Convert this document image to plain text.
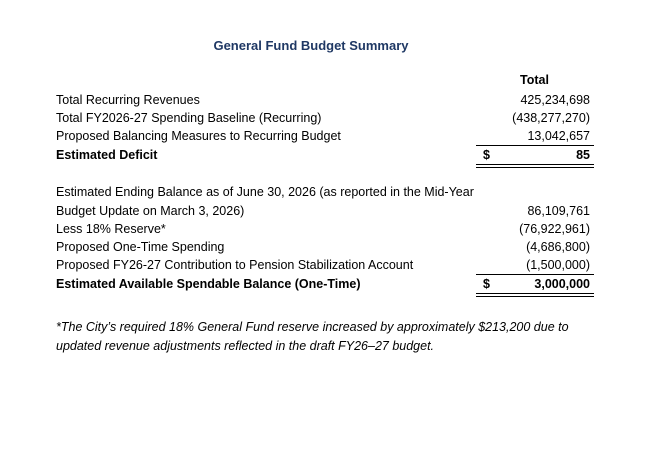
General Fund Budget Summary
Total
Total Recurring Revenues	425,234,698
Total FY2026-27 Spending Baseline (Recurring)	(438,277,270)
Proposed Balancing Measures to Recurring Budget	13,042,657
Estimated Deficit	$	85
Estimated Ending Balance as of June 30, 2026 (as reported in the Mid-Year
Budget Update on March 3, 2026)	86,109,761
Less 18% Reserve*	(76,922,961)
Proposed One-Time Spending	(4,686,800)
Proposed FY26-27 Contribution to Pension Stabilization Account	(1,500,000)
Estimated Available Spendable Balance (One-Time)	$	3,000,000
*The City’s required 18% General Fund reserve increased by approximately $213,200 due to
updated revenue adjustments reflected in the draft FY26–27 budget.
